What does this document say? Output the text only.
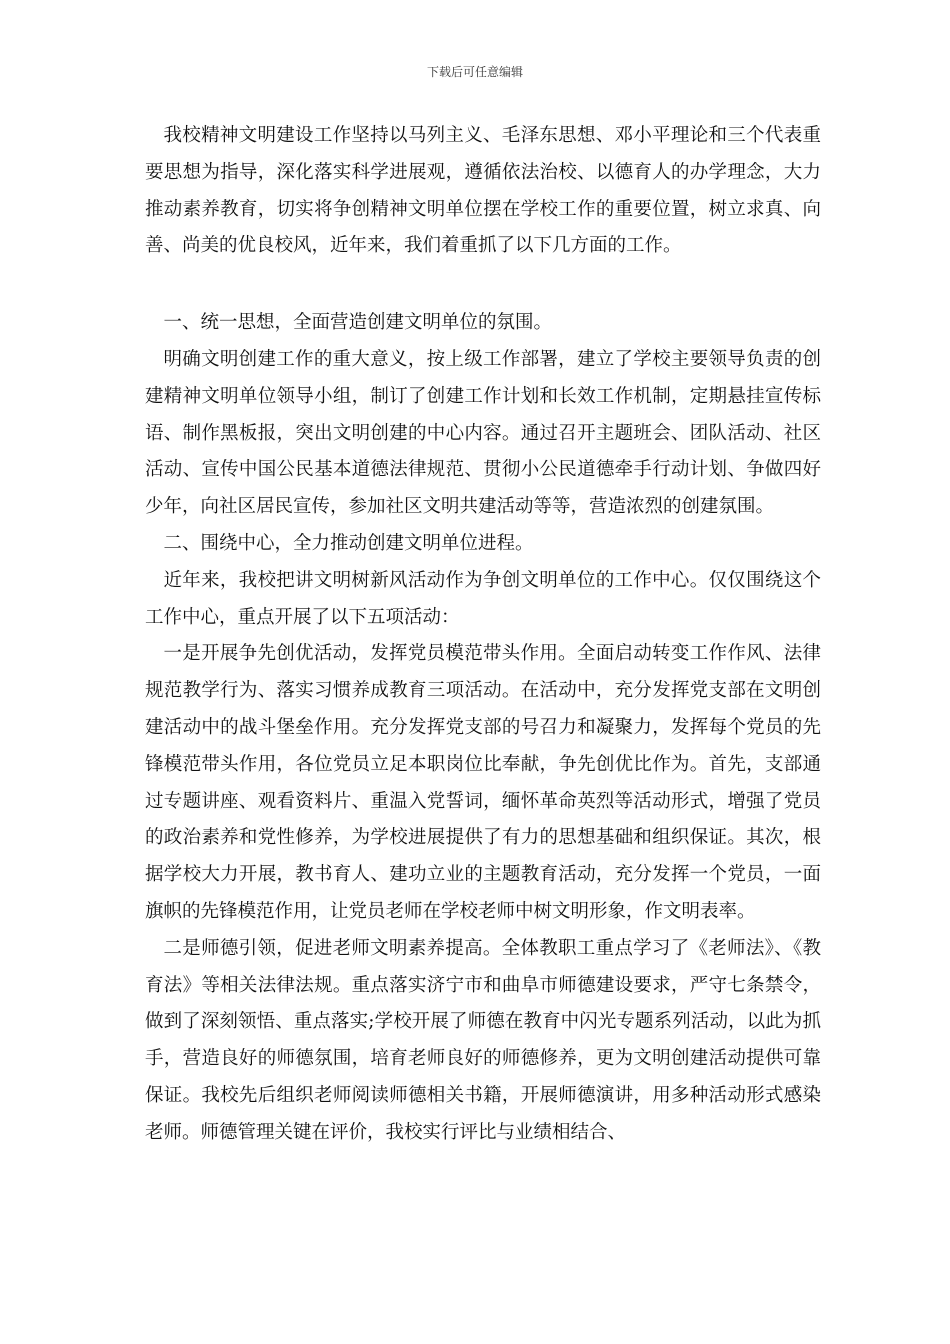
下载后可任意编辑

我校精神文明建设工作坚持以马列主义、毛泽东思想、邓小平理论和三个代表重要思想为指导，深化落实科学进展观，遵循依法治校、以德育人的办学理念，大力推动素养教育，切实将争创精神文明单位摆在学校工作的重要位置，树立求真、向善、尚美的优良校风，近年来，我们着重抓了以下几方面的工作。

一、统一思想，全面营造创建文明单位的氛围。

明确文明创建工作的重大意义，按上级工作部署，建立了学校主要领导负责的创建精神文明单位领导小组，制订了创建工作计划和长效工作机制，定期悬挂宣传标语、制作黑板报，突出文明创建的中心内容。通过召开主题班会、团队活动、社区活动、宣传中国公民基本道德法律规范、贯彻小公民道德牵手行动计划、争做四好少年，向社区居民宣传，参加社区文明共建活动等等，营造浓烈的创建氛围。

二、围绕中心，全力推动创建文明单位进程。

近年来，我校把讲文明树新风活动作为争创文明单位的工作中心。仅仅围绕这个工作中心，重点开展了以下五项活动：

一是开展争先创优活动，发挥党员模范带头作用。全面启动转变工作作风、法律规范教学行为、落实习惯养成教育三项活动。在活动中，充分发挥党支部在文明创建活动中的战斗堡垒作用。充分发挥党支部的号召力和凝聚力，发挥每个党员的先锋模范带头作用，各位党员立足本职岗位比奉献，争先创优比作为。首先，支部通过专题讲座、观看资料片、重温入党誓词，缅怀革命英烈等活动形式，增强了党员的政治素养和党性修养，为学校进展提供了有力的思想基础和组织保证。其次，根据学校大力开展，教书育人、建功立业的主题教育活动，充分发挥一个党员，一面旗帜的先锋模范作用，让党员老师在学校老师中树文明形象，作文明表率。

二是师德引领，促进老师文明素养提高。全体教职工重点学习了《老师法》、《教育法》等相关法律法规。重点落实济宁市和曲阜市师德建设要求，严守七条禁令，做到了深刻领悟、重点落实;学校开展了师德在教育中闪光专题系列活动，以此为抓手，营造良好的师德氛围，培育老师良好的师德修养，更为文明创建活动提供可靠保证。我校先后组织老师阅读师德相关书籍，开展师德演讲，用多种活动形式感染老师。师德管理关键在评价，我校实行评比与业绩相结合、
